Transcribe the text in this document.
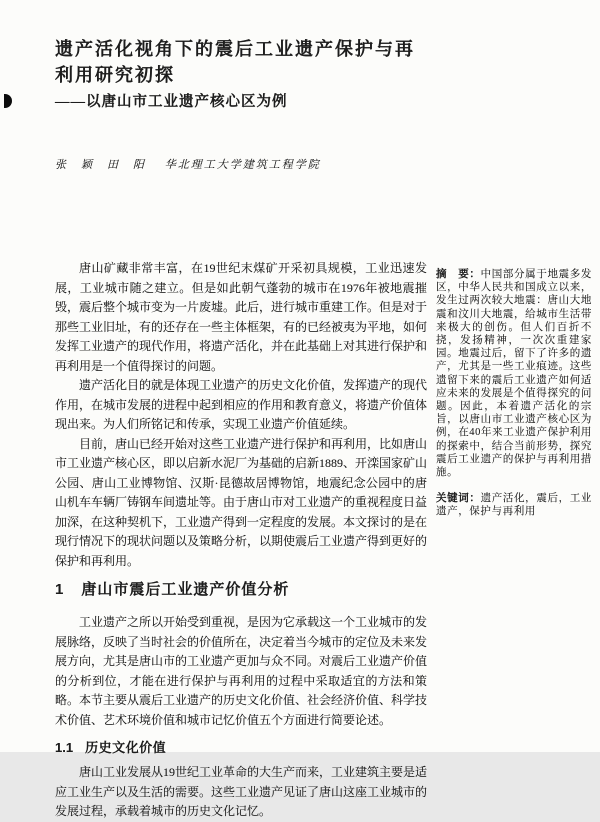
遗产活化视角下的震后工业遗产保护与再利用研究初探
——以唐山市工业遗产核心区为例
张　颖　田　阳 华北理工大学建筑工程学院

唐山矿藏非常丰富，在19世纪末煤矿开采初具规模，工业迅速发展，工业城市随之建立。但是如此朝气蓬勃的城市在1976年被地震摧毁，震后整个城市变为一片废墟。此后，进行城市重建工作。但是对于那些工业旧址，有的还存在一些主体框架，有的已经被夷为平地，如何发挥工业遗产的现代作用，将遗产活化，并在此基础上对其进行保护和再利用是一个值得探讨的问题。

遗产活化目的就是体现工业遗产的历史文化价值，发挥遗产的现代作用，在城市发展的进程中起到相应的作用和教育意义，将遗产价值体现出来。为人们所铭记和传承，实现工业遗产价值延续。

目前，唐山已经开始对这些工业遗产进行保护和再利用，比如唐山市工业遗产核心区，即以启新水泥厂为基础的启新1889、开滦国家矿山公园、唐山工业博物馆、汉斯·昆德故居博物馆，地震纪念公园中的唐山机车车辆厂铸钢车间遗址等。由于唐山市对工业遗产的重视程度日益加深，在这种契机下，工业遗产得到一定程度的发展。本文探讨的是在现行情况下的现状问题以及策略分析，以期使震后工业遗产得到更好的保护和再利用。

1 唐山市震后工业遗产价值分析

工业遗产之所以开始受到重视，是因为它承载这一个工业城市的发展脉络，反映了当时社会的价值所在，决定着当今城市的定位及未来发展方向，尤其是唐山市的工业遗产更加与众不同。对震后工业遗产价值的分析到位，才能在进行保护与再利用的过程中采取适宜的方法和策略。本节主要从震后工业遗产的历史文化价值、社会经济价值、科学技术价值、艺术环境价值和城市记忆价值五个方面进行简要论述。

1.1 历史文化价值

唐山工业发展从19世纪工业革命的大生产而来，工业建筑主要是适应工业生产以及生活的需要。这些工业遗产见证了唐山这座工业城市的发展过程，承载着城市的历史文化记忆。

摘　要：中国部分属于地震多发区，中华人民共和国成立以来，发生过两次较大地震：唐山大地震和汶川大地震，给城市生活带来极大的创伤。但人们百折不挠，发扬精神，一次次重建家园。地震过后，留下了许多的遗产，尤其是一些工业痕迹。这些遗留下来的震后工业遗产如何适应未来的发展是个值得探究的问题。因此，本着遗产活化的宗旨，以唐山市工业遗产核心区为例，在40年来工业遗产保护利用的探索中，结合当前形势，探究震后工业遗产的保护与再利用措施。

关键词：遗产活化，震后，工业遗产，保护与再利用
